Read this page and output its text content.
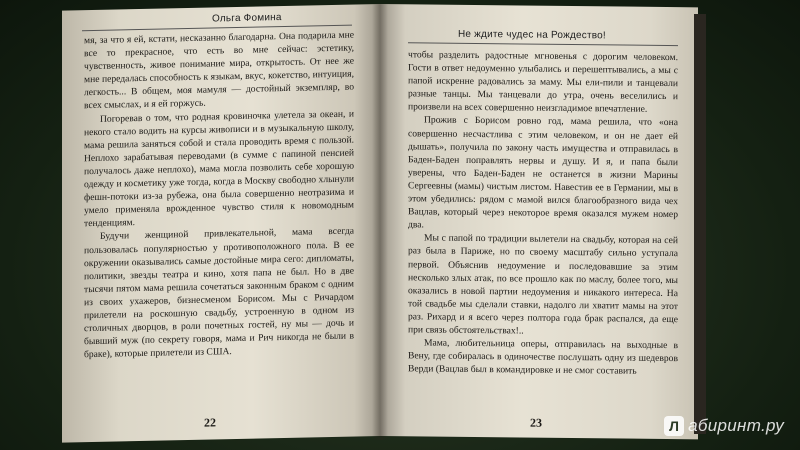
Ольга Фомина

мя, за что я ей, кстати, несказанно благодарна. Она подарила мне все то прекрасное, что есть во мне сейчас: эстетику, чувственность, живое понимание мира, открытость. От нее же мне передалась способность к языкам, вкус, кокетство, интуиция, легкость... В общем, моя мамуля — достойный экземпляр, во всех смыслах, и я ей горжусь.

Погоревав о том, что родная кровиночка улетела за океан, и некого стало водить на курсы живописи и в музыкальную школу, мама решила заняться собой и стала проводить время с пользой. Неплохо зарабатывая переводами (в сумме с папиной пенсией получалось даже неплохо), мама могла позволить себе хорошую одежду и косметику уже тогда, когда в Москву свободно хлынули фешн-потоки из-за рубежа, она была совершенно неотразима и умело применяла врожденное чувство стиля к новомодным тенденциям.

Будучи женщиной привлекательной, мама всегда пользовалась популярностью у противоположного пола. В ее окружении оказывались самые достойные мира сего: дипломаты, политики, звезды театра и кино, хотя папа не был. Но в две тысячи пятом мама решила сочетаться законным браком с одним из своих ухажеров, бизнесменом Борисом. Мы с Ричардом прилетели на роскошную свадьбу, устроенную в одном из столичных дворцов, в роли почетных гостей, ну мы — дочь и бывший муж (по секрету говоря, мама и Рич никогда не были в браке), которые прилетели из США.

22
Не ждите чудес на Рождество!

чтобы разделить радостные мгновенья с дорогим человеком. Гости в ответ недоуменно улыбались и перешептывались, а мы с папой искренне радовались за маму. Мы ели-пили и танцевали разные танцы. Мы танцевали до утра, очень веселились и произвели на всех совершенно неизгладимое впечатление.

Прожив с Борисом ровно год, мама решила, что «она совершенно несчастлива с этим человеком, и он не дает ей дышать», получила по закону часть имущества и отправилась в Баден-Баден поправлять нервы и душу. И я, и папа были уверены, что Баден-Баден не останется в жизни Марины Сергеевны (мамы) чистым листом. Навестив ее в Германии, мы в этом убедились: рядом с мамой вился благообразного вида чех Вацлав, который через некоторое время оказался мужем номер два.

Мы с папой по традиции вылетели на свадьбу, которая на сей раз была в Париже, но по своему масштабу сильно уступала первой. Объяснив недоумение и последовавшие за этим несколько злых атак, по все прошло как по маслу, более того, мы оказались в новой партии недоумения и никакого интереса. На той свадьбе мы сделали ставки, надолго ли хватит мамы на этот раз. Рихард и я всего через полтора года брак распался, да еще при связь обстоятельствах!..

Мама, любительница оперы, отправилась на выходные в Вену, где собиралась в одиночестве послушать одну из шедевров Верди (Вацлав был в командировке и не смог составить

23	Л абиринт.ру
